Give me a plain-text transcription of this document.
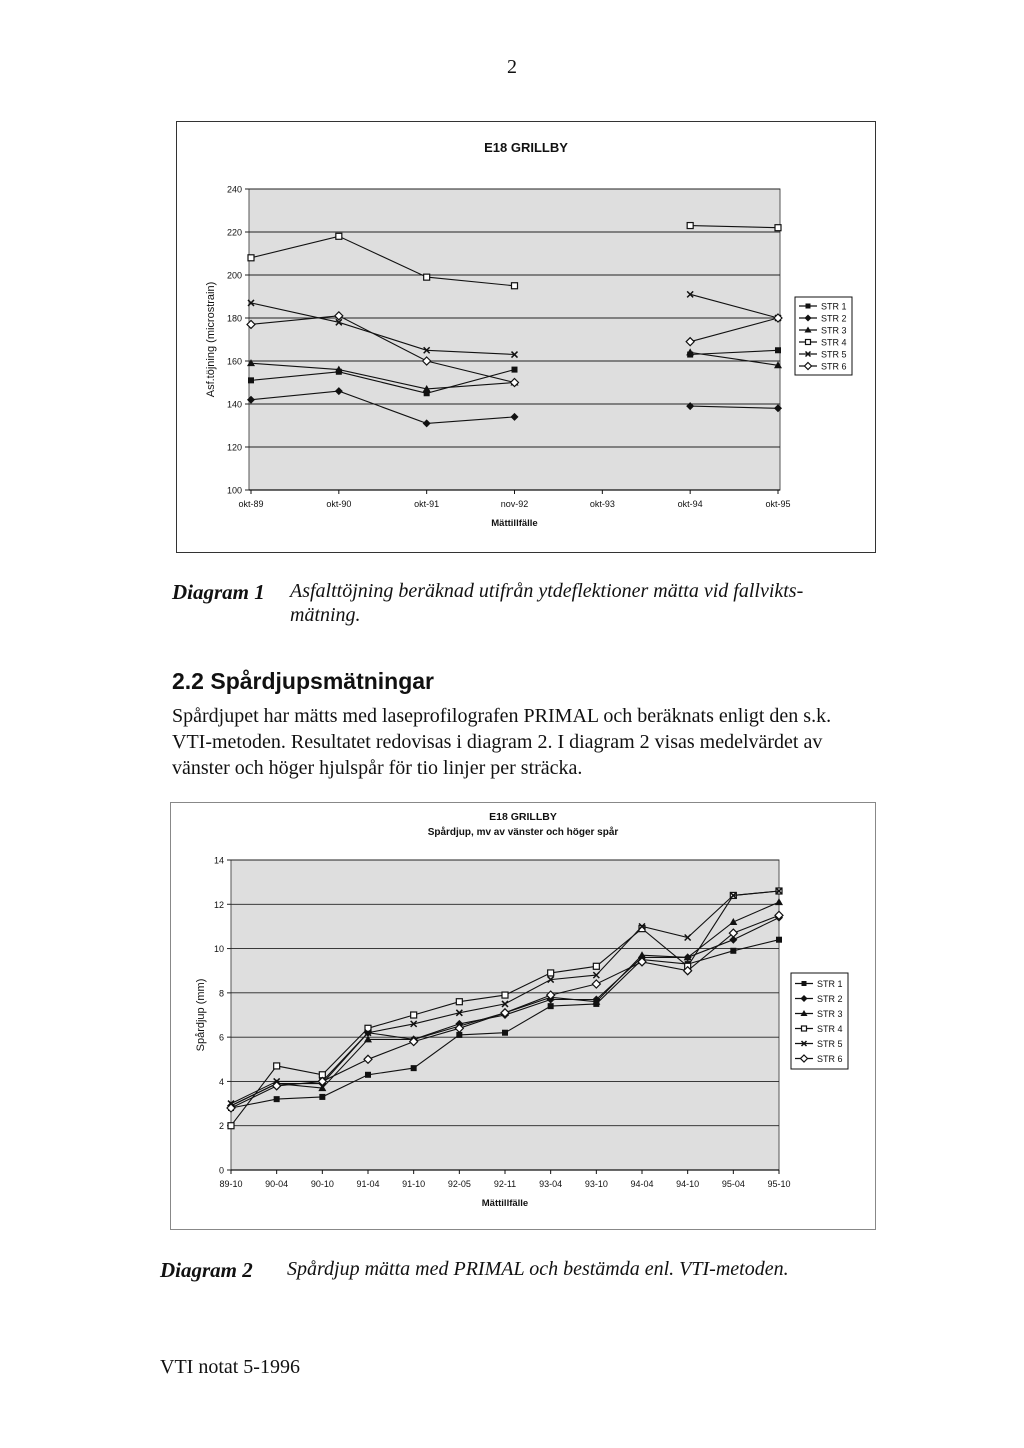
2
E18 GRILLBY
100
120
140
160
180
200
220
240
okt-89	okt-90	okt-91	nov-92	okt-93	okt-94	okt-95
Mättillfälle
Asf.töjning (microstrain)	STR 1
STR 2
STR 3
STR 4
STR 5
STR 6
Diagram 1 Asfalttöjning beräknad utifrån ytdeflektioner mätta vid fallvikts-
mätning.
2.2 Spårdjupsmätningar
Spårdjupet har mätts med laseprofilografen PRIMAL och beräknats enligt den s.k. VTI-metoden. Resultatet redovisas i diagram 2. I diagram 2 visas medelvärdet av vänster och höger hjulspår för tio linjer per sträcka.
E18 GRILLBY
Spårdjup, mv av vänster och höger spår
0
2
4
6
8
10
12
14
89-10	90-04	90-10	91-04	91-10	92-05	92-11	93-04	93-10	94-04	94-10	95-04	95-10
Mättillfälle
Spårdjup (mm)	STR 1
STR 2
STR 3
STR 4
STR 5
STR 6
Diagram 2 Spårdjup mätta med PRIMAL och bestämda enl. VTI-metoden.
VTI notat 5-1996
